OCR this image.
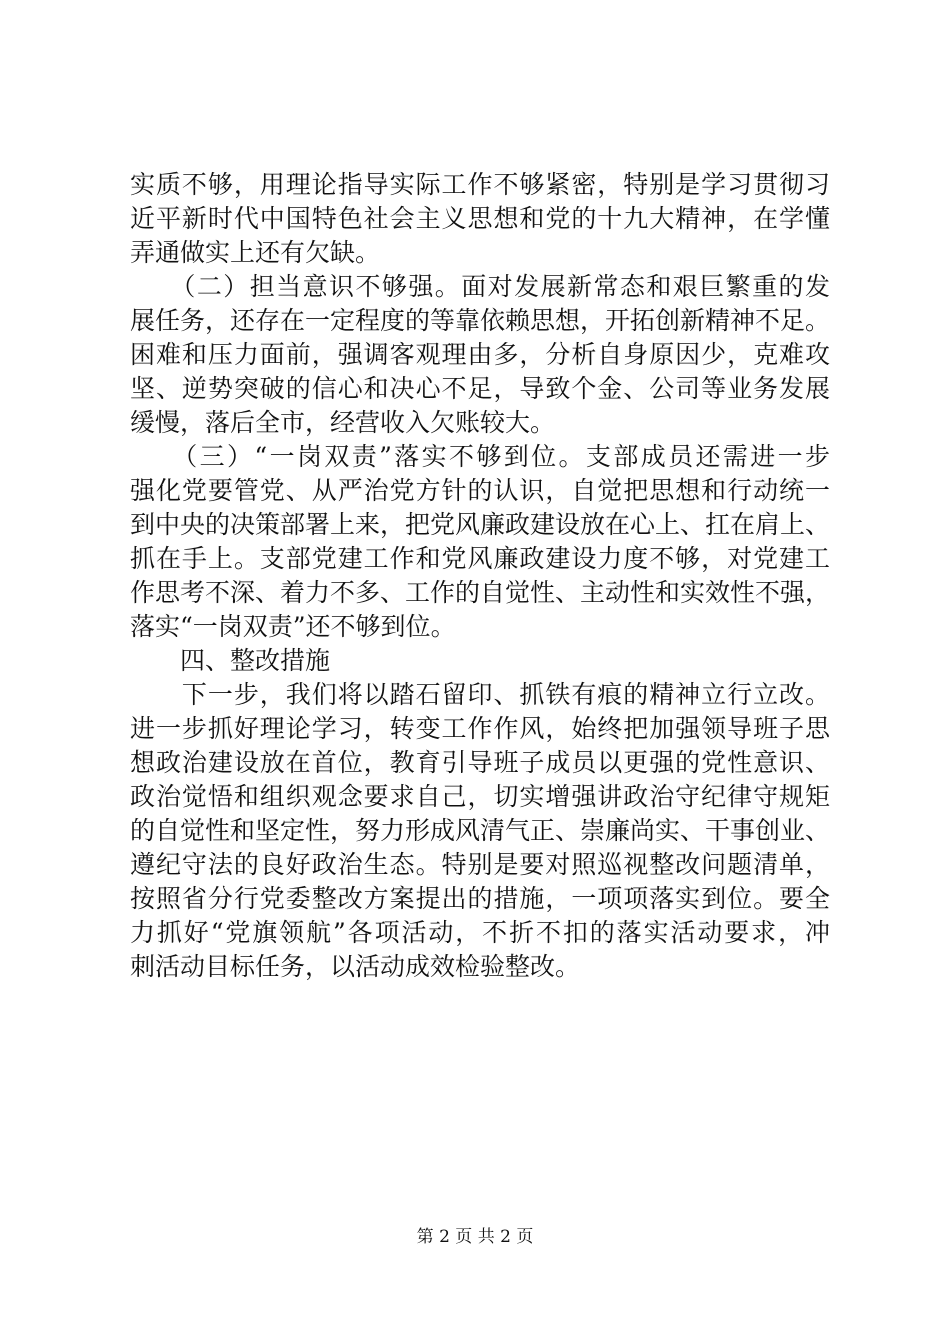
实质不够，用理论指导实际工作不够紧密，特别是学习贯彻习
近平新时代中国特色社会主义思想和党的十九大精神，在学懂
弄通做实上还有欠缺。
　　（二）担当意识不够强。面对发展新常态和艰巨繁重的发
展任务，还存在一定程度的等靠依赖思想，开拓创新精神不足。
困难和压力面前，强调客观理由多，分析自身原因少，克难攻
坚、逆势突破的信心和决心不足，导致个金、公司等业务发展
缓慢，落后全市，经营收入欠账较大。
　　（三）“一岗双责”落实不够到位。支部成员还需进一步
强化党要管党、从严治党方针的认识，自觉把思想和行动统一
到中央的决策部署上来，把党风廉政建设放在心上、扛在肩上、
抓在手上。支部党建工作和党风廉政建设力度不够，对党建工
作思考不深、着力不多、工作的自觉性、主动性和实效性不强，
落实“一岗双责”还不够到位。
　　四、整改措施
　　下一步，我们将以踏石留印、抓铁有痕的精神立行立改。
进一步抓好理论学习，转变工作作风，始终把加强领导班子思
想政治建设放在首位，教育引导班子成员以更强的党性意识、
政治觉悟和组织观念要求自己，切实增强讲政治守纪律守规矩
的自觉性和坚定性，努力形成风清气正、崇廉尚实、干事创业、
遵纪守法的良好政治生态。特别是要对照巡视整改问题清单，
按照省分行党委整改方案提出的措施，一项项落实到位。要全
力抓好“党旗领航”各项活动，不折不扣的落实活动要求，冲
刺活动目标任务，以活动成效检验整改。
第 2 页 共 2 页
